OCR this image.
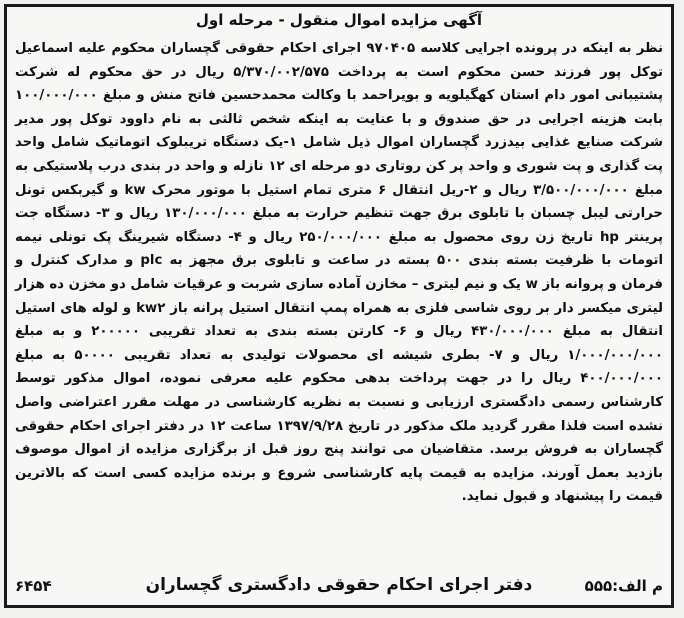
آگهی مزایده اموال منقول - مرحله اول
نظر به اینکه در پرونده اجرایی کلاسه ۹۷۰۴۰۵ اجرای احکام حقوقی گچساران محکوم علیه اسماعیل توکل پور فرزند حسن محکوم است به پرداخت ۵/۳۷۰/۰۰۲/۵۷۵ ریال در حق محکوم له شرکت پشتیبانی امور دام استان کهگیلویه و بویراحمد با وکالت محمدحسین فاتح منش و مبلغ ۱۰۰/۰۰۰/۰۰۰ بابت هزینه اجرایی در حق صندوق و با عنایت به اینکه شخص ثالثی به نام داوود توکل پور مدیر شرکت صنایع غذایی بیدزرد گچساران اموال ذیل شامل ۱-یک دستگاه تریبلوک اتوماتیک شامل واحد پت گذاری و پت شوری و واحد پر کن روتاری دو مرحله ای ۱۲ نازله و واحد در بندی درب پلاستیکی به مبلغ ۳/۵۰۰/۰۰۰/۰۰۰ ریال و ۲-ریل انتقال ۶ متری تمام استیل با موتور محرک kw و گیربکس تونل حرارتی لیبل چسبان با تابلوی برق جهت تنظیم حرارت به مبلغ ۱۳۰/۰۰۰/۰۰۰ ریال و ۳- دستگاه جت پرینتر hp تاریخ زن روی محصول به مبلغ ۲۵۰/۰۰۰/۰۰۰ ریال و ۴- دستگاه شیرینگ پک تونلی نیمه اتومات با ظرفیت بسته بندی ۵۰۰ بسته در ساعت و تابلوی برق مجهز به plc و مدارک کنترل و فرمان و پروانه باز w یک و نیم لیتری – مخازن آماده سازی شربت و عرقیات شامل دو مخزن ده هزار لیتری میکسر دار بر روی شاسی فلزی به همراه پمپ انتقال استیل پرانه باز kw۲ و لوله های استیل انتقال به مبلغ ۴۳۰/۰۰۰/۰۰۰ ریال و ۶- کارتن بسته بندی به تعداد تقریبی ۲۰۰۰۰۰ و به مبلغ ۱/۰۰۰/۰۰۰/۰۰۰ ریال و ۷- بطری شیشه ای محصولات تولیدی به تعداد تقریبی ۵۰۰۰۰ به مبلغ ۴۰۰/۰۰۰/۰۰۰ ریال را در جهت پرداخت بدهی محکوم علیه معرفی نموده، اموال مذکور توسط کارشناس رسمی دادگستری ارزیابی و نسبت به نظریه کارشناسی در مهلت مقرر اعتراضی واصل نشده است فلذا مقرر گردید ملک مذکور در تاریخ ۱۳۹۷/۹/۲۸ ساعت ۱۲ در دفتر اجرای احکام حقوقی گچساران به فروش برسد. متقاضیان می توانند پنج روز قبل از برگزاری مزایده از اموال موصوف بازدید بعمل آورند. مزایده به قیمت پایه کارشناسی شروع و برنده مزایده کسی است که بالاترین قیمت را پیشنهاد و قبول نماید.
م الف:۵۵۵
دفتر اجرای احکام حقوقی دادگستری گچساران
۶۴۵۴
